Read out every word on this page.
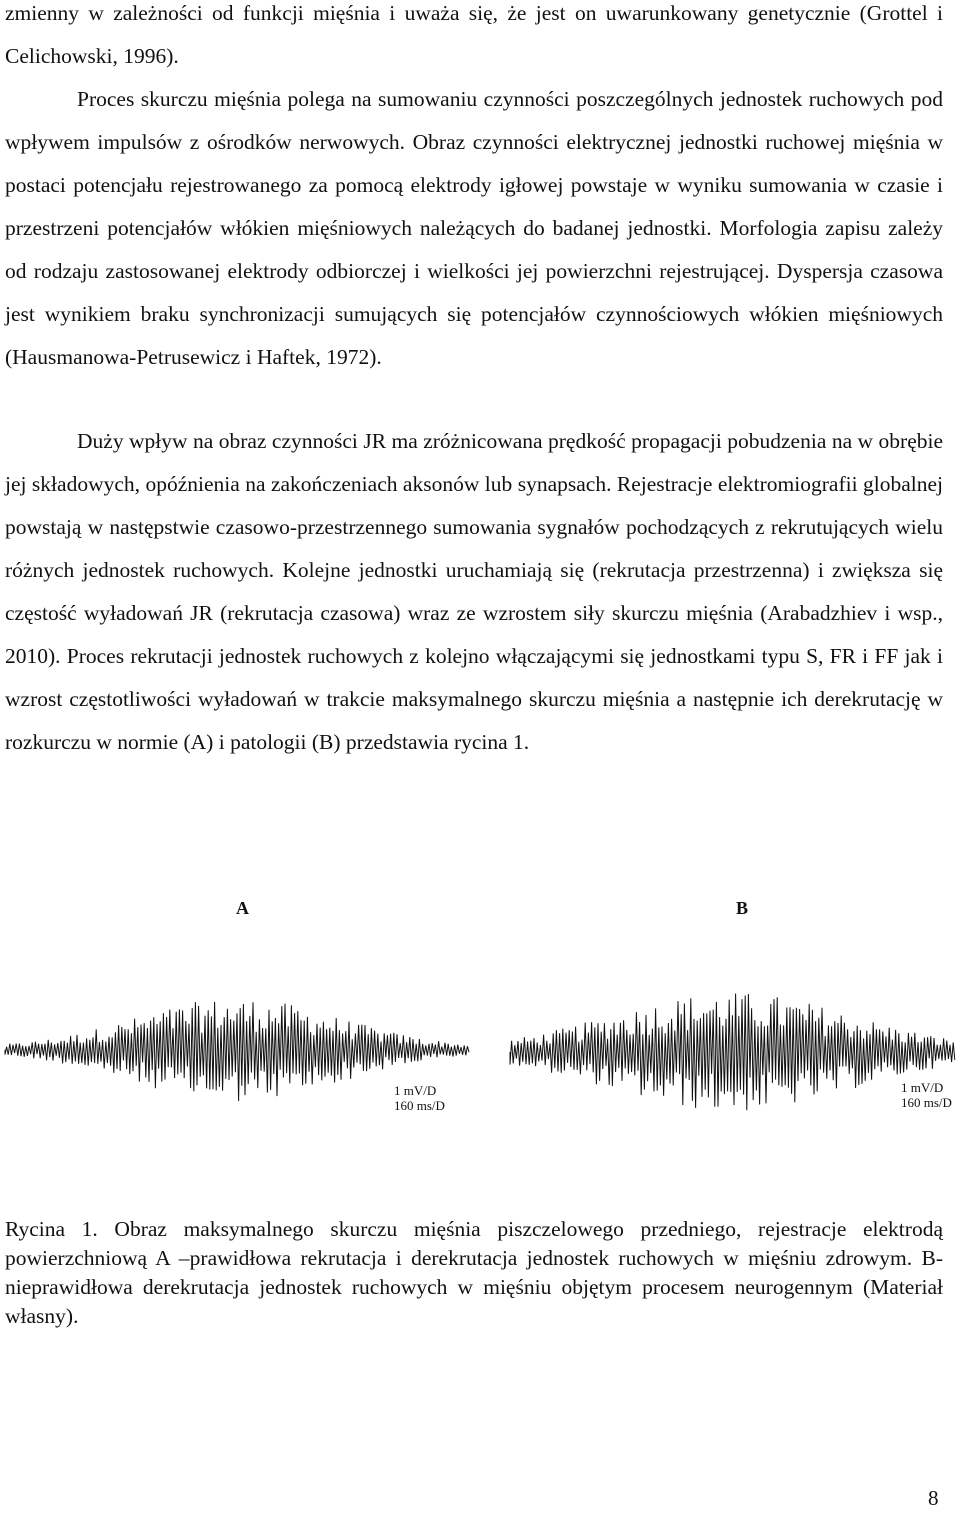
zmienny w zależności od funkcji mięśnia i uważa się, że jest on uwarunkowany genetycznie (Grottel i Celichowski, 1996).
Proces skurczu mięśnia polega na sumowaniu czynności poszczególnych jednostek ruchowych pod wpływem impulsów z ośrodków nerwowych. Obraz czynności elektrycznej jednostki ruchowej mięśnia w postaci potencjału rejestrowanego za pomocą elektrody igłowej powstaje w wyniku sumowania w czasie i przestrzeni potencjałów włókien mięśniowych należących do badanej jednostki. Morfologia zapisu zależy od rodzaju zastosowanej elektrody odbiorczej i wielkości jej powierzchni rejestrującej. Dyspersja czasowa jest wynikiem braku synchronizacji sumujących się potencjałów czynnościowych włókien mięśniowych (Hausmanowa-Petrusewicz i Haftek, 1972).

Duży wpływ na obraz czynności JR ma zróżnicowana prędkość propagacji pobudzenia na w obrębie jej składowych, opóźnienia na zakończeniach aksonów lub synapsach. Rejestracje elektromiografii globalnej powstają w następstwie czasowo-przestrzennego sumowania sygnałów pochodzących z rekrutujących wielu różnych jednostek ruchowych. Kolejne jednostki uruchamiają się (rekrutacja przestrzenna) i zwiększa się częstość wyładowań JR (rekrutacja czasowa) wraz ze wzrostem siły skurczu mięśnia (Arabadzhiev i wsp., 2010). Proces rekrutacji jednostek ruchowych z kolejno włączającymi się jednostkami typu S, FR i FF jak i wzrost częstotliwości wyładowań w trakcie maksymalnego skurczu mięśnia a następnie ich derekrutację w rozkurczu w normie (A) i patologii (B) przedstawia rycina 1.

A	B
1 mV/D
160 ms/D
1 mV/D
160 ms/D

Rycina 1. Obraz maksymalnego skurczu mięśnia piszczelowego przedniego, rejestracje elektrodą powierzchniową A –prawidłowa rekrutacja i derekrutacja jednostek ruchowych w mięśniu zdrowym. B- nieprawidłowa derekrutacja jednostek ruchowych w mięśniu objętym procesem neurogennym (Materiał własny).

8
